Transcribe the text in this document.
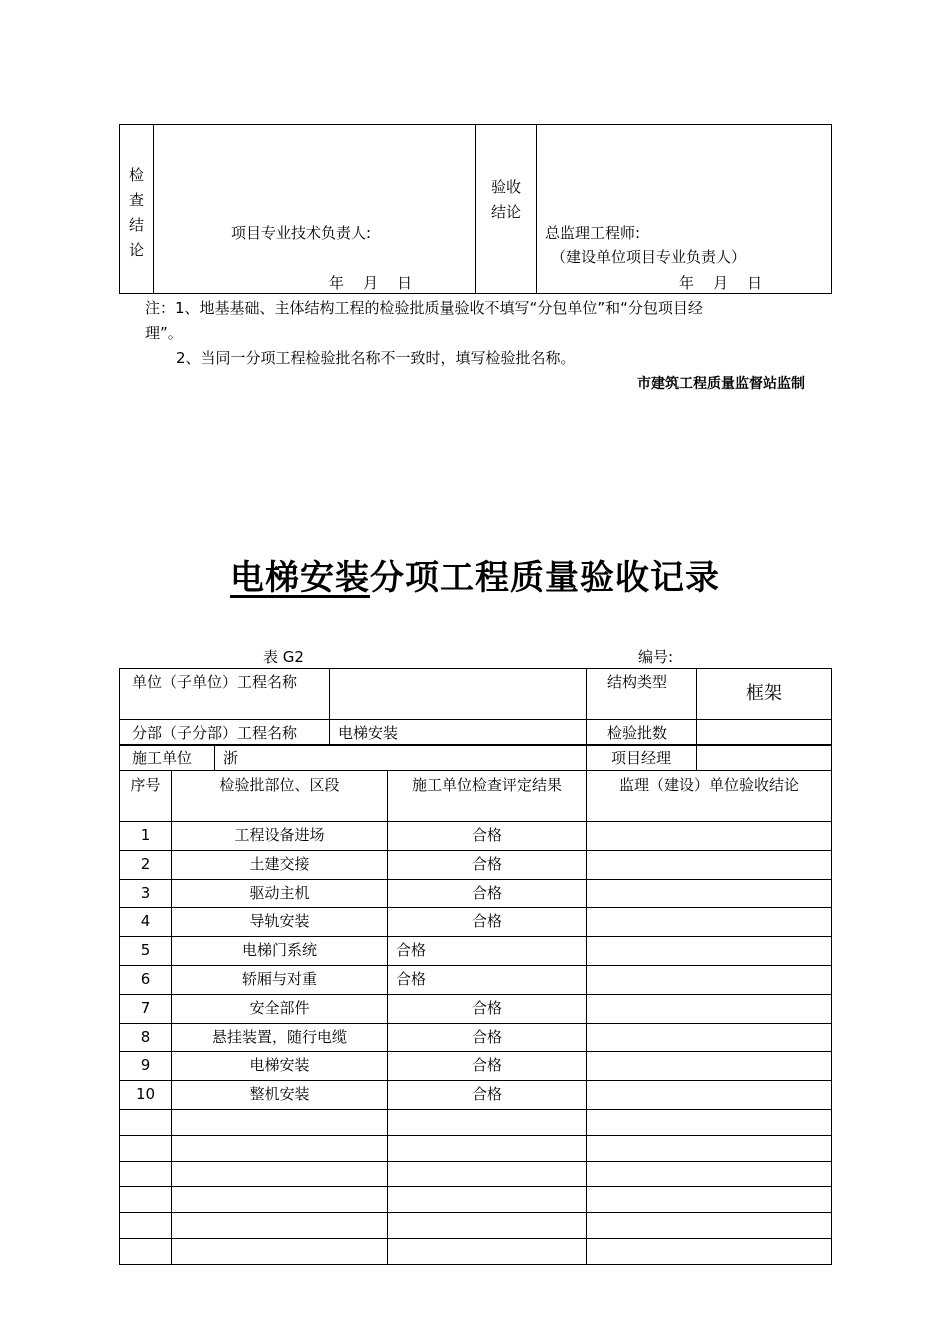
检
查
结
论

项目专业技术负责人:
年    月    日

验收
结论

总监理工程师:
（建设单位项目专业负责人）
年    月    日
注：1、地基基础、主体结构工程的检验批质量验收不填写“分包单位”和“分包项目经
理”。
2、当同一分项工程检验批名称不一致时，填写检验批名称。
市建筑工程质量监督站监制
电梯安装分项工程质量验收记录
表 G2	编号:
单位（子单位）工程名称		结构类型	框架
分部（子分部）工程名称	电梯安装	检验批数	
施工单位	浙	项目经理	
序号	检验批部位、区段	施工单位检查评定结果	监理（建设）单位验收结论
1	工程设备进场	合格	
2	土建交接	合格	
3	驱动主机	合格	
4	导轨安装	合格	
5	电梯门系统	合格	
6	轿厢与对重	合格	
7	安全部件	合格	
8	悬挂装置，随行电缆	合格	
9	电梯安装	合格	
10	整机安装	合格	
